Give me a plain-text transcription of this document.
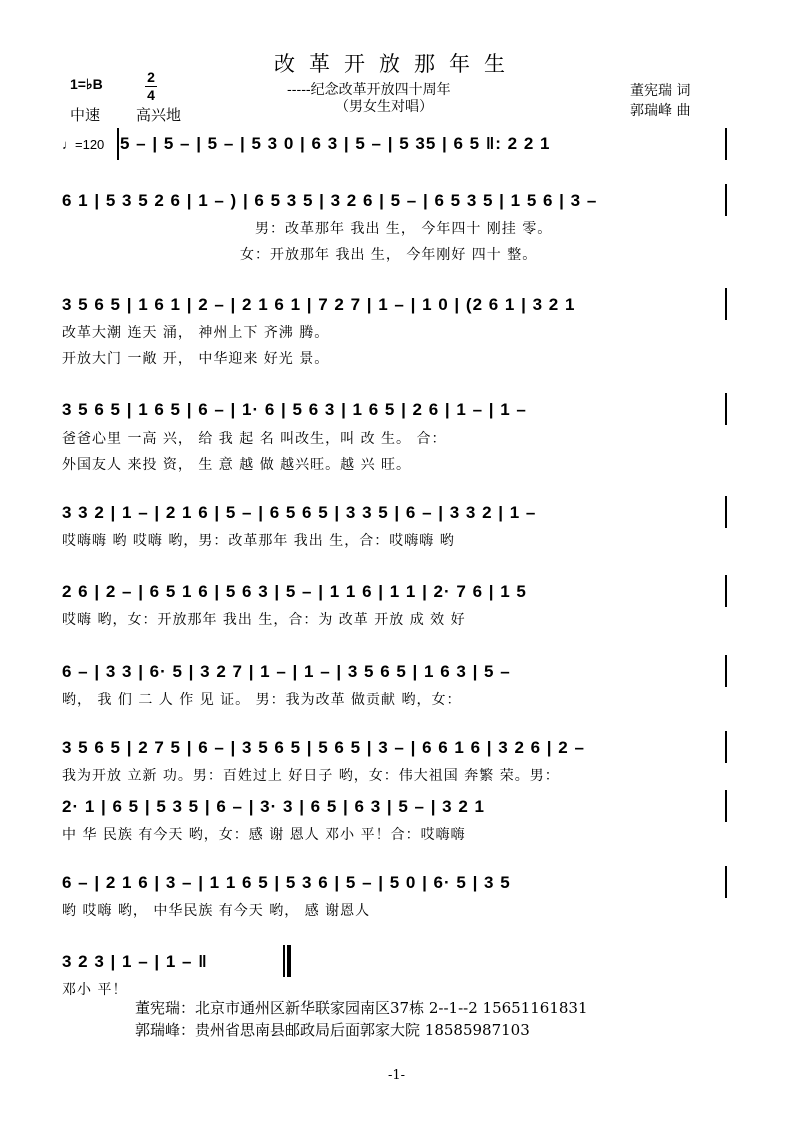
改革开放那年生
-----纪念改革开放四十周年
（男女生对唱）
董宪瑞 词
郭瑞峰 曲
1=♭B	2
4
中速 高兴地
♩=120 5 – | 5 – | 5 – | 5 3 0 | 6 3 | 5 – | 5 35 | 6 5 ‖: 2 2 1
6 1 | 5 3 5 2 6 | 1 – ) | 6 5 3 5 | 3 2 6 | 5 – | 6 5 3 5 | 1 5 6 | 3 –
男：改革那年 我出 生， 今年四十 刚挂 零。
女：开放那年 我出 生， 今年刚好 四十 整。
3 5 6 5 | 1 6 1 | 2 – | 2 1 6 1 | 7 2 7 | 1 – | 1 0 | (2 6 1 | 3 2 1
改革大潮 连天 涌， 神州上下 齐沸 腾。
开放大门 一敞 开， 中华迎来 好光 景。
3 5 6 5 | 1 6 5 | 6 – | 1· 6 | 5 6 3 | 1 6 5 | 2 6 | 1 – | 1 –
爸爸心里 一高 兴， 给 我 起 名 叫改生，叫 改 生。 合：
外国友人 来投 资， 生 意 越 做 越兴旺。越 兴 旺。
3 3 2 | 1 – | 2 1 6 | 5 – | 6 5 6 5 | 3 3 5 | 6 – | 3 3 2 | 1 –
哎嗨嗨 哟 哎嗨 哟，男：改革那年 我出 生，合：哎嗨嗨 哟
2 6 | 2 – | 6 5 1 6 | 5 6 3 | 5 – | 1 1 6 | 1 1 | 2· 7 6 | 1 5
哎嗨 哟，女：开放那年 我出 生，合：为 改革 开放 成 效 好
6 – | 3 3 | 6· 5 | 3 2 7 | 1 – | 1 – | 3 5 6 5 | 1 6 3 | 5 –
哟， 我 们 二 人 作 见 证。 男：我为改革 做贡献 哟，女：
3 5 6 5 | 2 7 5 | 6 – | 3 5 6 5 | 5 6 5 | 3 – | 6 6 1 6 | 3 2 6 | 2 –
我为开放 立新 功。男：百姓过上 好日子 哟，女：伟大祖国 奔繁 荣。男：
2· 1 | 6 5 | 5 3 5 | 6 – | 3· 3 | 6 5 | 6 3 | 5 – | 3 2 1
中 华 民族 有今天 哟，女：感 谢 恩人 邓小 平！合：哎嗨嗨
6 – | 2 1 6 | 3 – | 1 1 6 5 | 5 3 6 | 5 – | 5 0 | 6· 5 | 3 5
哟 哎嗨 哟， 中华民族 有今天 哟， 感 谢恩人
3 2 3 | 1 – | 1 – ‖
邓小 平！
董宪瑞：北京市通州区新华联家园南区37栋 2--1--2 15651161831
郭瑞峰：贵州省思南县邮政局后面郭家大院 18585987103
-1-
